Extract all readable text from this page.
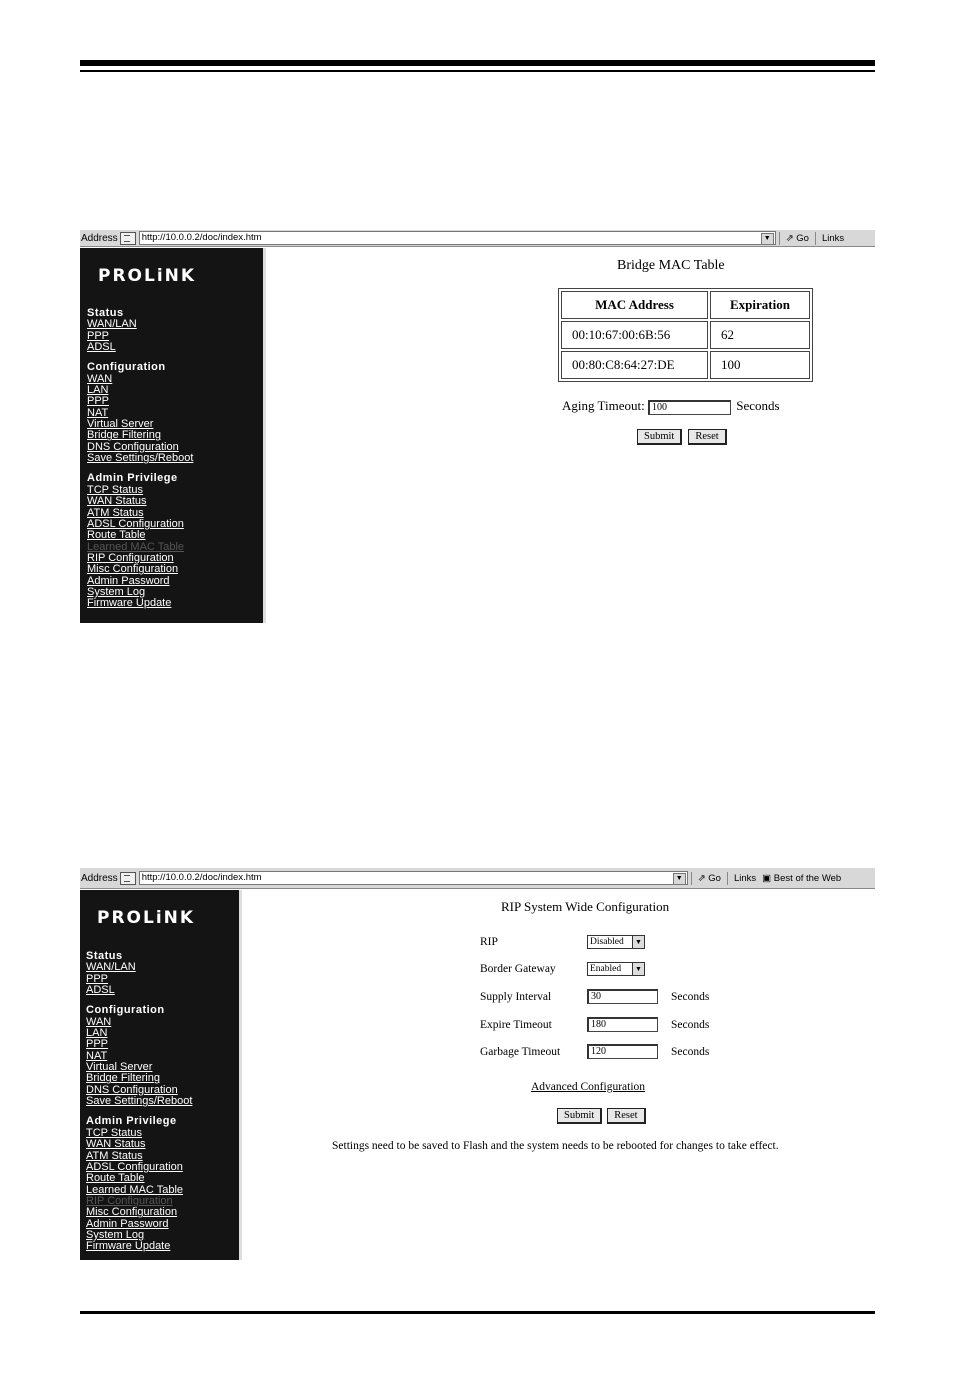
Address	http://10.0.0.2/doc/index.htm	▼	⇗ Go	Links
PROLiNK
Status
WAN/LAN
PPP
ADSL
Configuration
WAN
LAN
PPP
NAT
Virtual Server
Bridge Filtering
DNS Configuration
Save Settings/Reboot
Admin Privilege
TCP Status
WAN Status
ATM Status
ADSL Configuration
Route Table
Learned MAC Table
RIP Configuration
Misc Configuration
Admin Password
System Log
Firmware Update
Bridge MAC Table
MAC Address	Expiration
00:10:67:00:6B:56	62
00:80:C8:64:27:DE	100
Aging Timeout: 100	Seconds
Submit Reset
Address	http://10.0.0.2/doc/index.htm	▼	⇗ Go	Links ▣ Best of the Web
PROLiNK
Status
WAN/LAN
PPP
ADSL
Configuration
WAN
LAN
PPP
NAT
Virtual Server
Bridge Filtering
DNS Configuration
Save Settings/Reboot
Admin Privilege
TCP Status
WAN Status
ATM Status
ADSL Configuration
Route Table
Learned MAC Table
RIP Configuration
Misc Configuration
Admin Password
System Log
Firmware Update
RIP System Wide Configuration
RIP	Disabled	▼
Border Gateway	Enabled	▼
Supply Interval	30	Seconds
Expire Timeout	180	Seconds
Garbage Timeout	120	Seconds
Advanced Configuration
Submit Reset
Settings need to be saved to Flash and the system needs to be rebooted for changes to take effect.
